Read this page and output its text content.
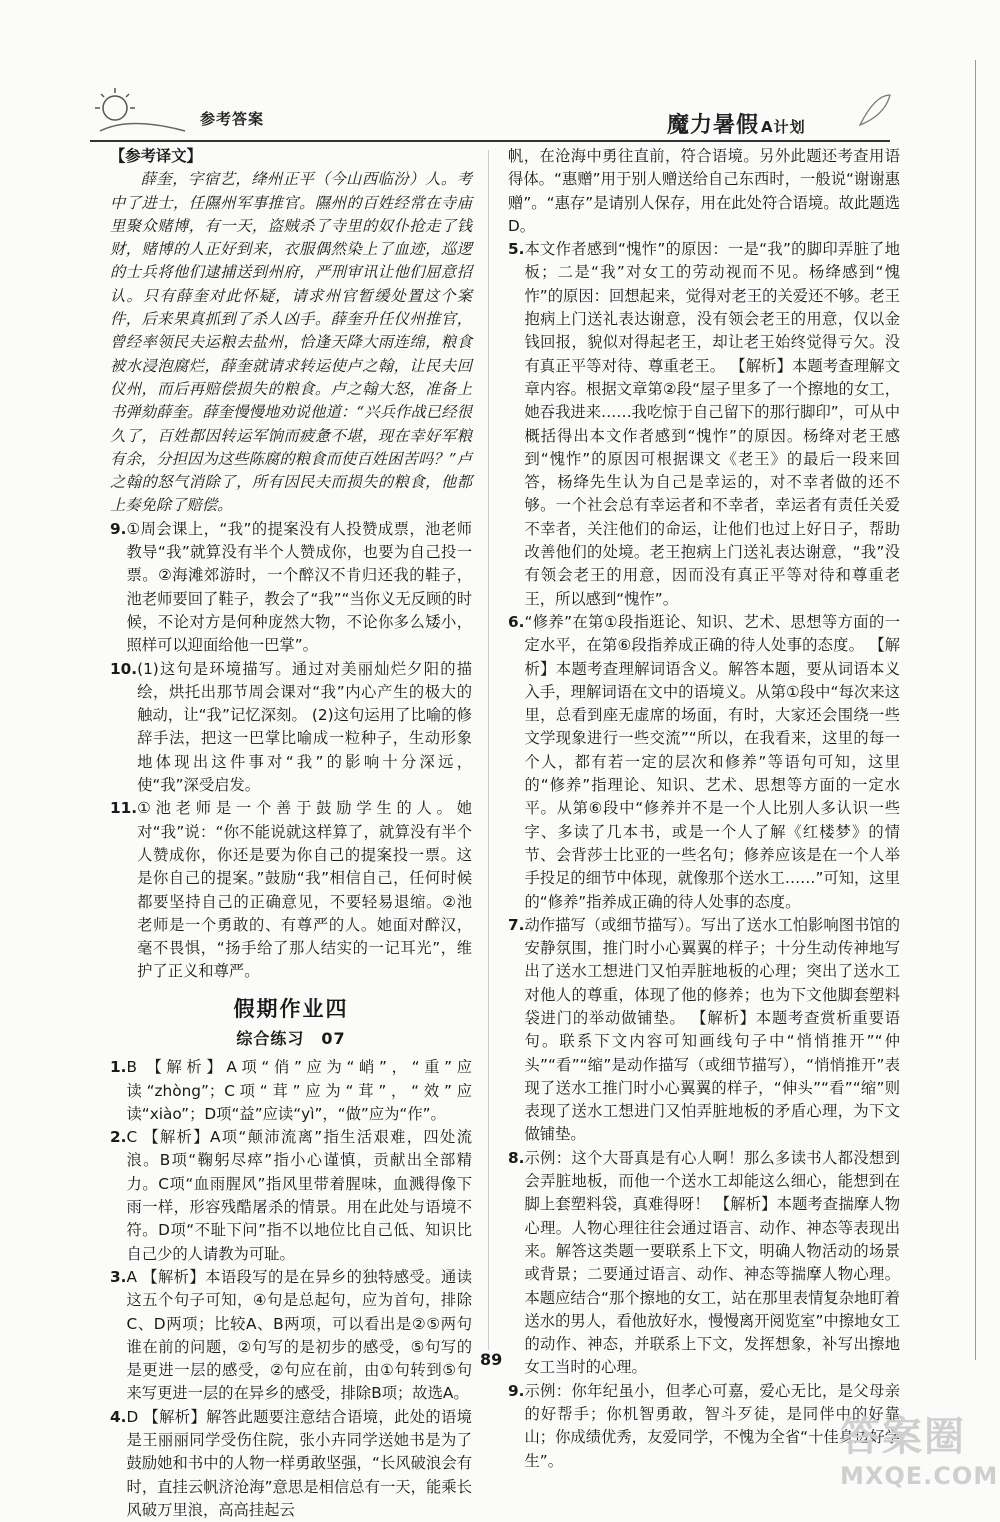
参考答案	魔力暑假 A计划

【参考译文】

薛奎，字宿艺，绛州正平（今山西临汾）人。考中了进士，任隰州军事推官。隰州的百姓经常在寺庙里聚众赌博，有一天，盗贼杀了寺里的奴仆抢走了钱财，赌博的人正好到来，衣服偶然染上了血迹，巡逻的士兵将他们逮捕送到州府，严刑审讯让他们屈意招认。只有薛奎对此怀疑，请求州官暂缓处置这个案件，后来果真抓到了杀人凶手。薛奎升任仪州推官，曾经率领民夫运粮去盐州，恰逢天降大雨连绵，粮食被水浸泡腐烂，薛奎就请求转运使卢之翰，让民夫回仪州，而后再赔偿损失的粮食。卢之翰大怒，准备上书弹劾薛奎。薛奎慢慢地劝说他道：“兴兵作战已经很久了，百姓都因转运军饷而疲惫不堪，现在幸好军粮有余，分担因为这些陈腐的粮食而使百姓困苦吗？”卢之翰的怒气消除了，所有因民夫而损失的粮食，他都上奏免除了赔偿。

9. ①周会课上，“我”的提案没有人投赞成票，池老师教导“我”就算没有半个人赞成你，也要为自己投一票。②海滩郊游时，一个醉汉不肯归还我的鞋子，池老师要回了鞋子，教会了“我”“当你义无反顾的时候，不论对方是何种庞然大物，不论你多么矮小，照样可以迎面给他一巴掌”。
10. (1)这句是环境描写。通过对美丽灿烂夕阳的描绘，烘托出那节周会课对“我”内心产生的极大的触动，让“我”记忆深刻。 (2)这句运用了比喻的修辞手法，把这一巴掌比喻成一粒种子，生动形象地体现出这件事对“我”的影响十分深远，使“我”深受启发。
11. ①池老师是一个善于鼓励学生的人。她对“我”说：“你不能说就这样算了，就算没有半个人赞成你，你还是要为你自己的提案投一票。这是你自己的提案。”鼓励“我”相信自己，任何时候都要坚持自己的正确意见，不要轻易退缩。②池老师是一个勇敢的、有尊严的人。她面对醉汉，毫不畏惧，“扬手给了那人结实的一记耳光”，维护了正义和尊严。
假期作业四
综合练习　07
1. B 【解析】A项“俏”应为“峭”，“重”应读“zhòng”；C项“茸”应为“茸”，“效”应读“xiào”；D项“益”应读“yì”，“做”应为“作”。
2. C 【解析】A项“颠沛流离”指生活艰难，四处流浪。B项“鞠躬尽瘁”指小心谨慎，贡献出全部精力。C项“血雨腥风”指风里带着腥味，血溅得像下雨一样，形容残酷屠杀的情景。用在此处与语境不符。D项“不耻下问”指不以地位比自己低、知识比自己少的人请教为可耻。
3. A 【解析】本语段写的是在异乡的独特感受。通读这五个句子可知，④句是总起句，应为首句，排除C、D两项；比较A、B两项，可以看出是②⑤两句谁在前的问题，②句写的是初步的感受，⑤句写的是更进一层的感受，②句应在前，由①句转到⑤句来写更进一层的在异乡的感受，排除B项；故选A。
4. D 【解析】解答此题要注意结合语境，此处的语境是王丽丽同学受伤住院，张小卉同学送她书是为了鼓励她和书中的人物一样勇敢坚强，“长风破浪会有时，直挂云帆济沧海”意思是相信总有一天，能乘长风破万里浪，高高挂起云

帆，在沧海中勇往直前，符合语境。另外此题还考查用语得体。“惠赠”用于别人赠送给自己东西时，一般说“谢谢惠赠”。“惠存”是请别人保存，用在此处符合语境。故此题选D。

5. 本文作者感到“愧怍”的原因：一是“我”的脚印弄脏了地板；二是“我”对女工的劳动视而不见。杨绛感到“愧怍”的原因：回想起来，觉得对老王的关爱还不够。老王抱病上门送礼表达谢意，没有领会老王的用意，仅以金钱回报，貌似对得起老王，却让老王始终觉得亏欠。没有真正平等对待、尊重老王。 【解析】本题考查理解文章内容。根据文章第②段“屋子里多了一个擦地的女工，她吞我进来……我吃惊于自己留下的那行脚印”，可从中概括得出本文作者感到“愧怍”的原因。杨绛对老王感到“愧怍”的原因可根据课文《老王》的最后一段来回答，杨绛先生认为自己是幸运的，对不幸者做的还不够。一个社会总有幸运者和不幸者，幸运者有责任关爱不幸者，关注他们的命运，让他们也过上好日子，帮助改善他们的处境。老王抱病上门送礼表达谢意，“我”没有领会老王的用意，因而没有真正平等对待和尊重老王，所以感到“愧怍”。
6. “修养”在第①段指逛论、知识、艺术、思想等方面的一定水平，在第⑥段指养成正确的待人处事的态度。 【解析】本题考查理解词语含义。解答本题，要从词语本义入手，理解词语在文中的语境义。从第①段中“每次来这里，总看到座无虚席的场面，有时，大家还会围绕一些文学现象进行一些交流”“所以，在我看来，这里的每一个人，都有若一定的层次和修养”等语句可知，这里的“修养”指理论、知识、艺术、思想等方面的一定水平。从第⑥段中“修养并不是一个人比别人多认识一些字、多读了几本书，或是一个人了解《红楼梦》的情节、会背莎士比亚的一些名句；修养应该是在一个人举手投足的细节中体现，就像那个送水工……”可知，这里的“修养”指养成正确的待人处事的态度。
7. 动作描写（或细节描写）。写出了送水工怕影响图书馆的安静氛围，推门时小心翼翼的样子；十分生动传神地写出了送水工想进门又怕弄脏地板的心理；突出了送水工对他人的尊重，体现了他的修养；也为下文他脚套塑料袋进门的举动做铺垫。 【解析】本题考查赏析重要语句。联系下文内容可知画线句子中“悄悄推开”“仲头”“看”“缩”是动作描写（或细节描写），“悄悄推开”表现了送水工推门时小心翼翼的样子，“伸头”“看”“缩”则表现了送水工想进门又怕弄脏地板的矛盾心理，为下文做铺垫。
8. 示例：这个大哥真是有心人啊！那么多读书人都没想到会弄脏地板，而他一个送水工却能这么细心，能想到在脚上套塑料袋，真难得呀！ 【解析】本题考查揣摩人物心理。人物心理往往会通过语言、动作、神态等表现出来。解答这类题一要联系上下文，明确人物活动的场景或背景；二要通过语言、动作、神态等揣摩人物心理。本题应结合“那个擦地的女工，站在那里表情复杂地盯着送水的男人，看他放好水，慢慢离开阅览室”中擦地女工的动作、神态，并联系上下文，发挥想象，补写出擦地女工当时的心理。
9. 示例：你年纪虽小，但孝心可嘉，爱心无比，是父母亲的好帮手；你机智勇敢，智斗歹徒，是同伴中的好靠山；你成绩优秀，友爱同学，不愧为全省“十佳身边好学生”。
89
答案圈
MXQE.COM
